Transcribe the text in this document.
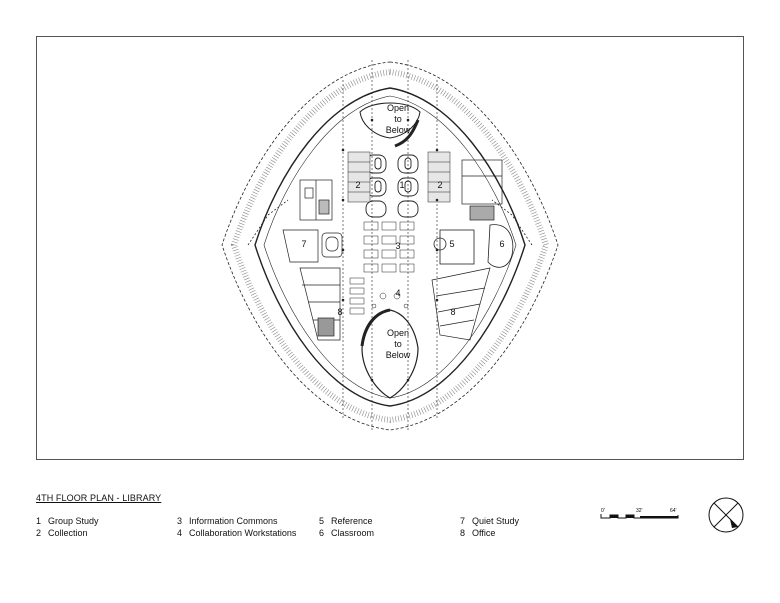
Open
to
Below
Open
to
Below
1
2	2
3
4
5	6
7
8	8
4TH FLOOR PLAN - LIBRARY
1 Group Study
2 Collection
3 Information Commons
4 Collaboration Workstations
5 Reference
6 Classroom
7 Quiet Study
8 Office
0'	32'	64'
